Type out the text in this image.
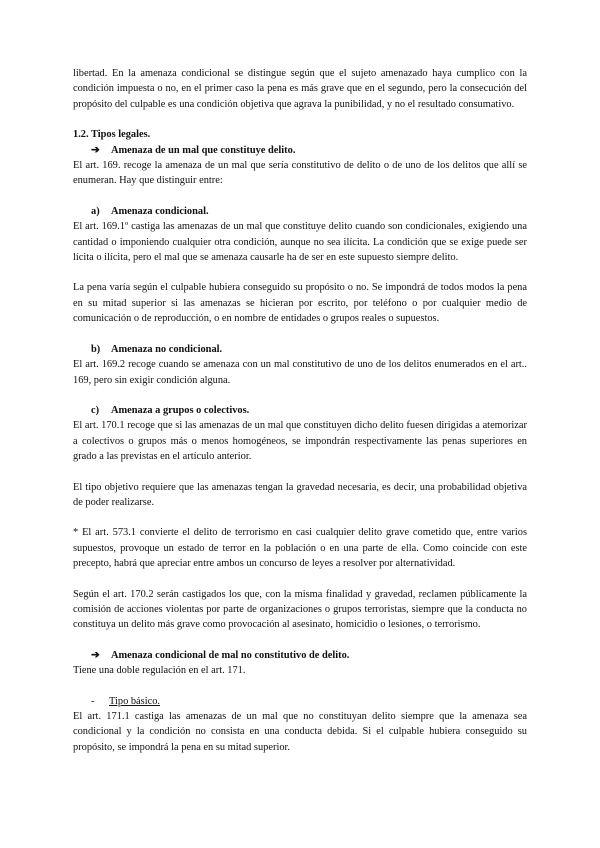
libertad. En la amenaza condicional se distingue según que el sujeto amenazado haya cumplico con la condición impuesta o no, en el primer caso la pena es más grave que en el segundo, pero la consecución del propósito del culpable es una condición objetiva que agrava la punibilidad, y no el resultado consumativo.

1.2. Tipos legales.

➔ Amenaza de un mal que constituye delito.

El art. 169. recoge la amenaza de un mal que sería constitutivo de delito o de uno de los delitos que allí se enumeran. Hay que distinguir entre:

a) Amenaza condicional.

El art. 169.1º castiga las amenazas de un mal que constituye delito cuando son condicionales, exigiendo una cantidad o imponiendo cualquier otra condición, aunque no sea ilícita. La condición que se exige puede ser lícita o ilícita, pero el mal que se amenaza causarle ha de ser en este supuesto siempre delito.

La pena varía según el culpable hubiera conseguido su propósito o no. Se impondrá de todos modos la pena en su mitad superior si las amenazas se hicieran por escrito, por teléfono o por cualquier medio de comunicación o de reproducción, o en nombre de entidades o grupos reales o supuestos.

b) Amenaza no condicional.

El art. 169.2 recoge cuando se amenaza con un mal constitutivo de uno de los delitos enumerados en el art.. 169, pero sin exigir condición alguna.

c) Amenaza a grupos o colectivos.

El art. 170.1 recoge que si las amenazas de un mal que constituyen dicho delito fuesen dirigidas a atemorizar a colectivos o grupos más o menos homogéneos, se impondrán respectivamente las penas superiores en grado a las previstas en el artículo anterior.

El tipo objetivo requiere que las amenazas tengan la gravedad necesaria, es decir, una probabilidad objetiva de poder realizarse.

* El art. 573.1 convierte el delito de terrorismo en casi cualquier delito grave cometido que, entre varios supuestos, provoque un estado de terror en la población o en una parte de ella. Como coincide con este precepto, habrá que apreciar entre ambos un concurso de leyes a resolver por alternatividad.

Según el art. 170.2 serán castigados los que, con la misma finalidad y gravedad, reclamen públicamente la comisión de acciones violentas por parte de organizaciones o grupos terroristas, siempre que la conducta no constituya un delito más grave como provocación al asesinato, homicidio o lesiones, o terrorismo.

➔ Amenaza condicional de mal no constitutivo de delito.

Tiene una doble regulación en el art. 171.

- Tipo básico.

El art. 171.1 castiga las amenazas de un mal que no constituyan delito siempre que la amenaza sea condicional y la condición no consista en una conducta debida. Si el culpable hubiera conseguido su propósito, se impondrá la pena en su mitad superior.
